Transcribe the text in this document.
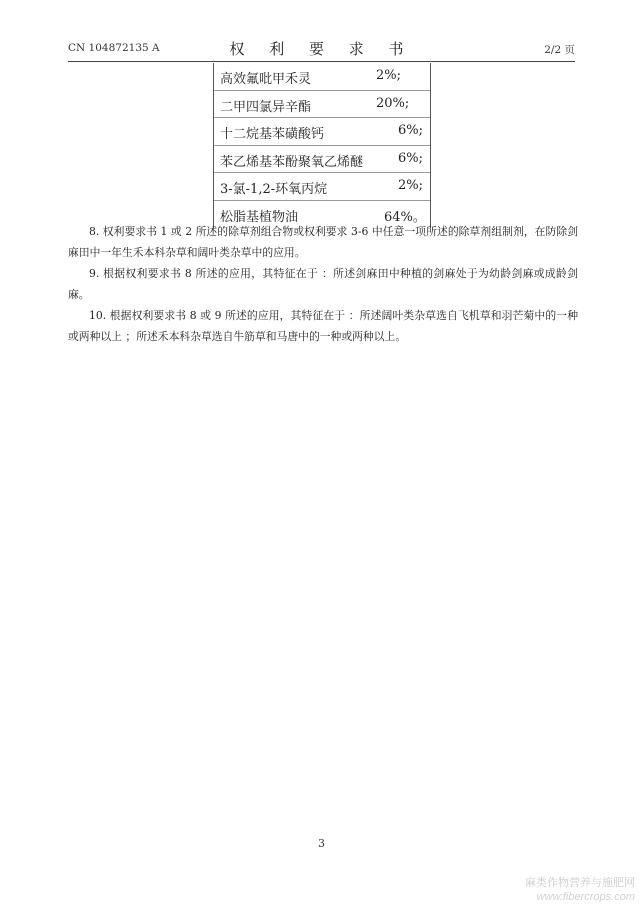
CN 104872135 A	权 利 要 求 书	2/2 页
高效氟吡甲禾灵	2%;
二甲四氯异辛酯	20%;
十二烷基苯磺酸钙	6%;
苯乙烯基苯酚聚氧乙烯醚	6%;
3-氯-1,2-环氧丙烷	2%;
松脂基植物油	64%。

8. 权利要求书 1 或 2 所述的除草剂组合物或权利要求 3-6 中任意一项所述的除草剂组制剂，在防除剑麻田中一年生禾本科杂草和阔叶类杂草中的应用。

9. 根据权利要求书 8 所述的应用，其特征在于 ：所述剑麻田中种植的剑麻处于为幼龄剑麻或成龄剑麻。

10. 根据权利要求书 8 或 9 所述的应用，其特征在于 ：所述阔叶类杂草选自飞机草和羽芒菊中的一种或两种以上 ；所述禾本科杂草选自牛筋草和马唐中的一种或两种以上。

3
麻类作物营养与施肥网
www.fibercrops.com
